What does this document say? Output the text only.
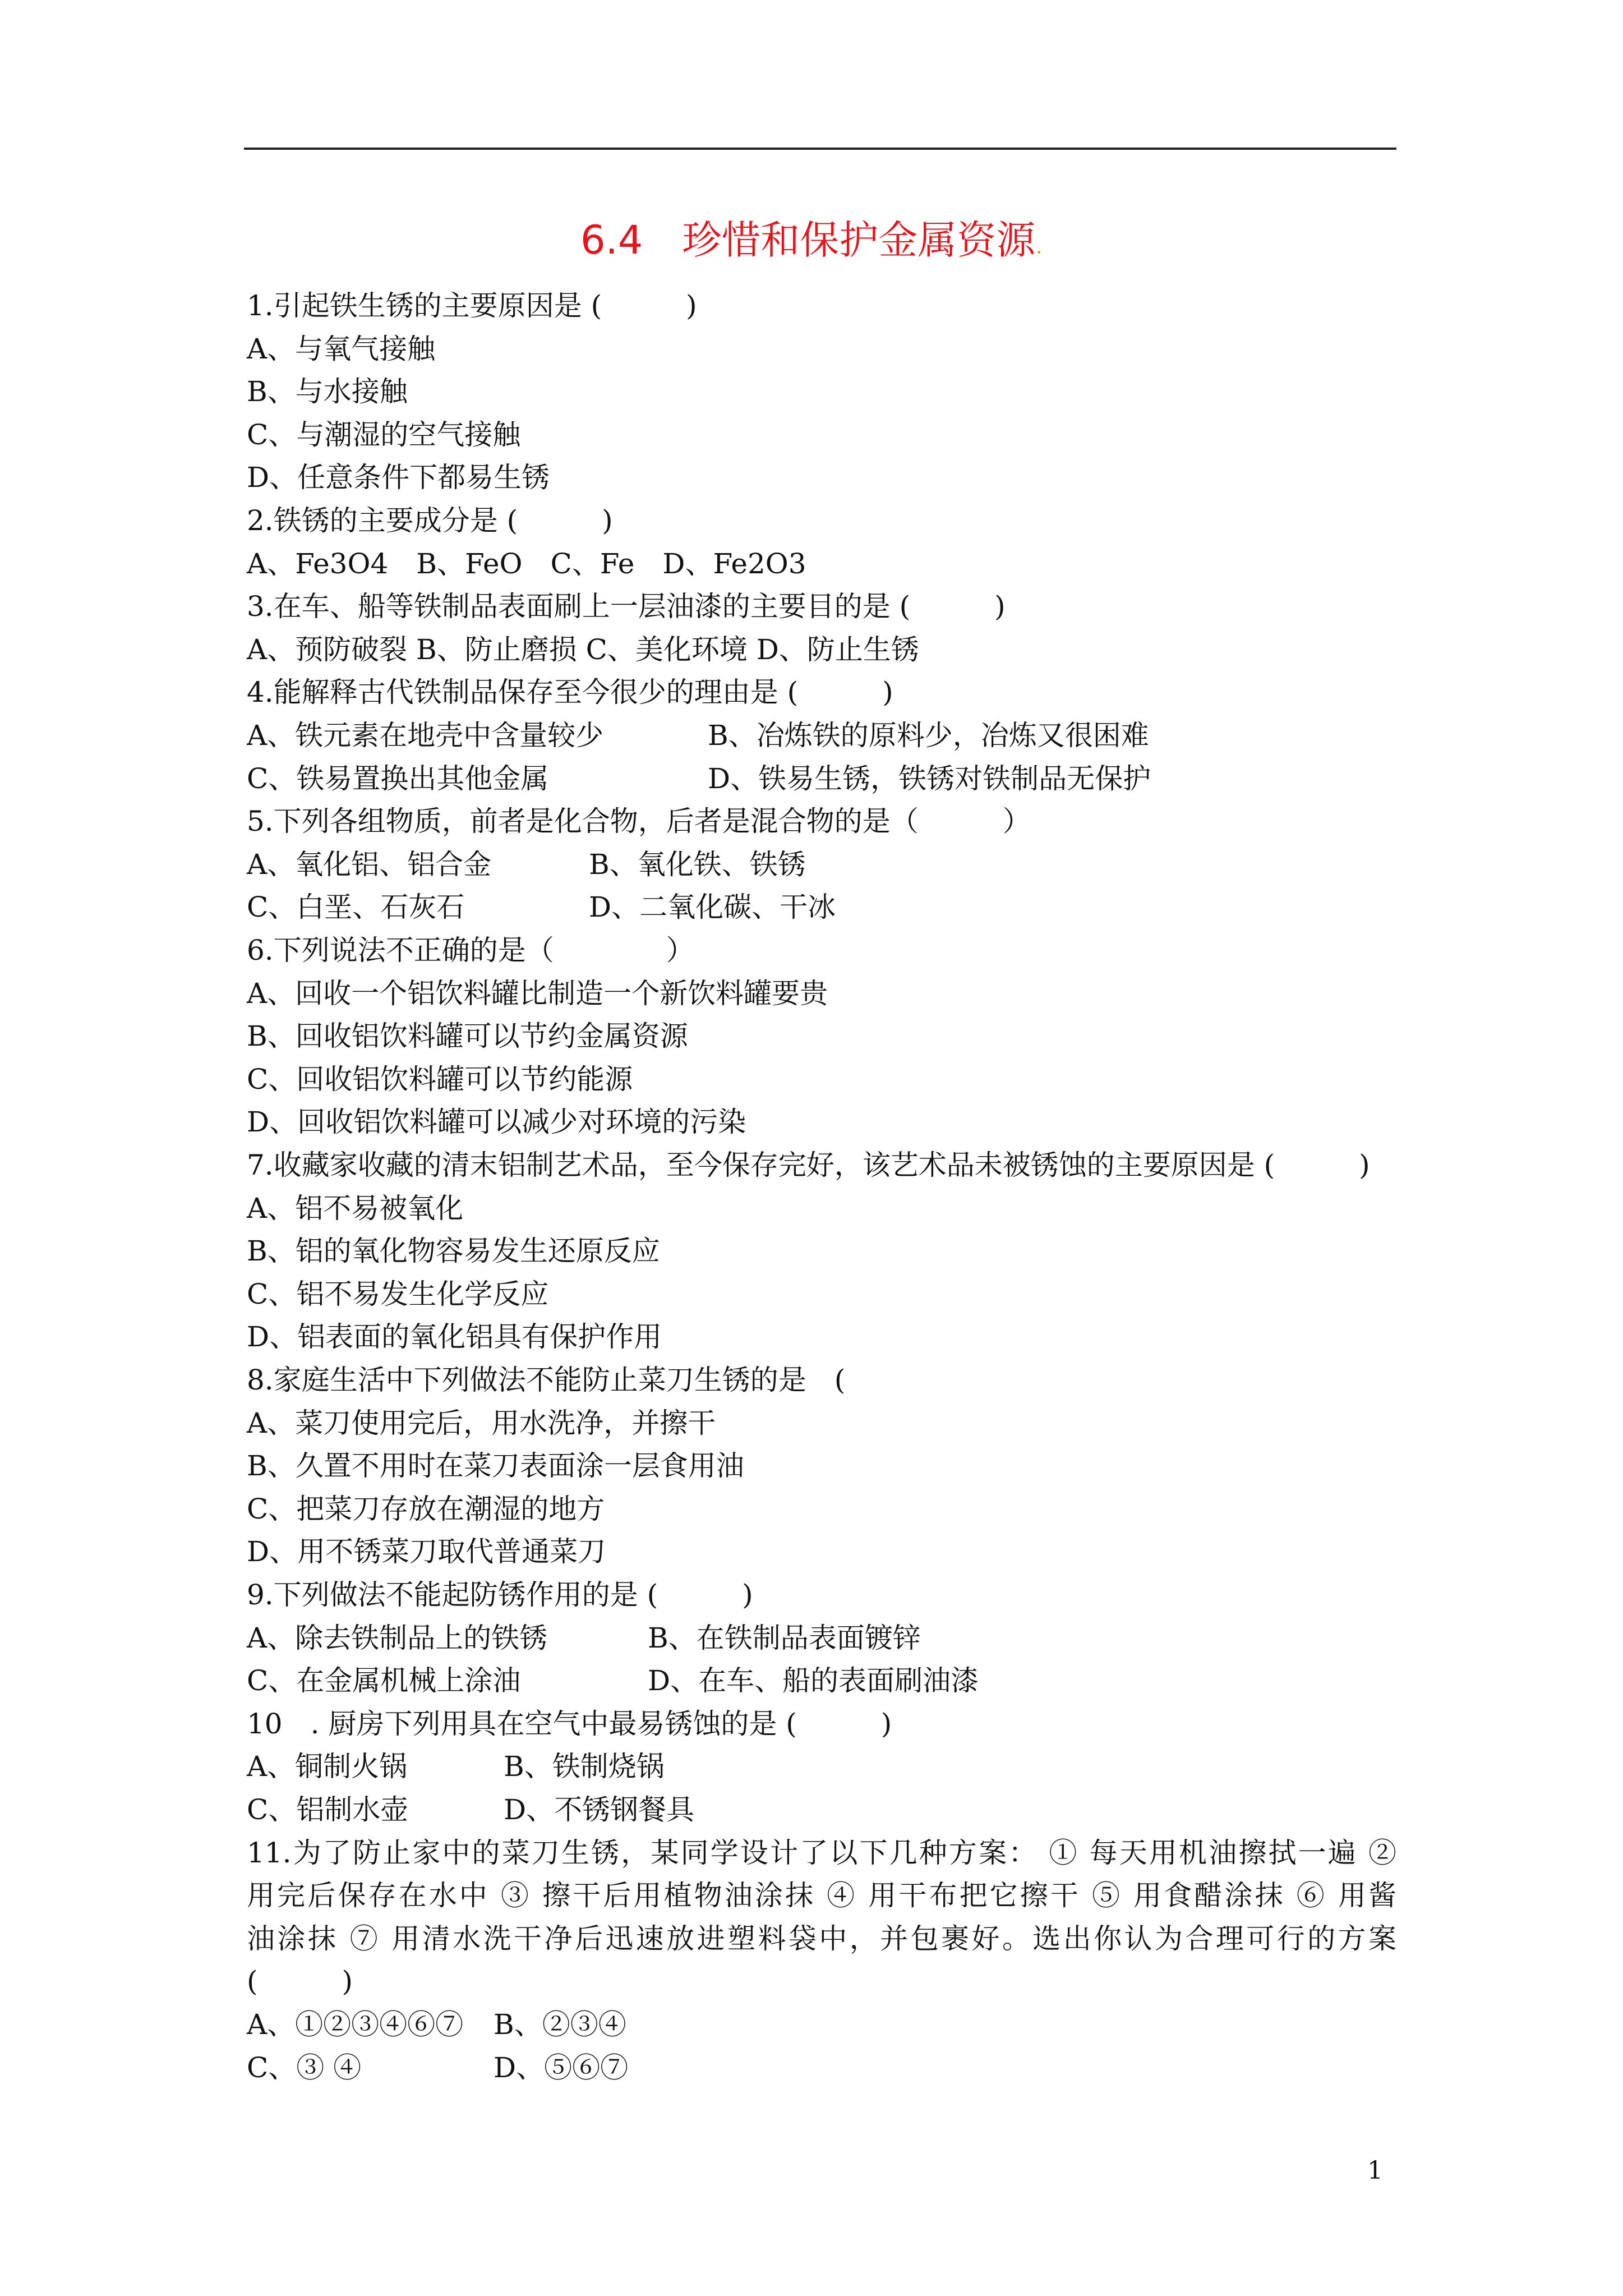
6.4　珍惜和保护金属资源.
1.引起铁生锈的主要原因是 (　　　)
A、与氧气接触
B、与水接触
C、与潮湿的空气接触
D、任意条件下都易生锈
2.铁锈的主要成分是 (　　　)
A、Fe3O4　B、FeO　C、Fe　D、Fe2O3
3.在车、船等铁制品表面刷上一层油漆的主要目的是 (　　　)
A、预防破裂 B、防止磨损 C、美化环境 D、防止生锈
4.能解释古代铁制品保存至今很少的理由是 (　　　)
B、冶炼铁的原料少，冶炼又很困难
A、铁元素在地壳中含量较少
D、铁易生锈，铁锈对铁制品无保护
C、铁易置换出其他金属
5.下列各组物质，前者是化合物，后者是混合物的是（　　　）
B、氧化铁、铁锈
A、氧化铝、铝合金
D、二氧化碳、干冰
C、白垩、石灰石
6.下列说法不正确的是（　　　　）
A、回收一个铝饮料罐比制造一个新饮料罐要贵
B、回收铝饮料罐可以节约金属资源
C、回收铝饮料罐可以节约能源
D、回收铝饮料罐可以减少对环境的污染
7.收藏家收藏的清末铝制艺术品，至今保存完好，该艺术品未被锈蚀的主要原因是 (　　　)
A、铝不易被氧化
B、铝的氧化物容易发生还原反应
C、铝不易发生化学反应
D、铝表面的氧化铝具有保护作用
8.家庭生活中下列做法不能防止菜刀生锈的是　(
A、菜刀使用完后，用水洗净，并擦干
B、久置不用时在菜刀表面涂一层食用油
C、把菜刀存放在潮湿的地方
D、用不锈菜刀取代普通菜刀
9.下列做法不能起防锈作用的是 (　　　)
B、在铁制品表面镀锌
A、除去铁制品上的铁锈
D、在车、船的表面刷油漆
C、在金属机械上涂油
10　. 厨房下列用具在空气中最易锈蚀的是 (　　　)
B、铁制烧锅
A、铜制火锅
D、不锈钢餐具
C、铝制水壶
11.为了防止家中的菜刀生锈，某同学设计了以下几种方案： ① 每天用机油擦拭一遍 ②
用完后保存在水中 ③ 擦干后用植物油涂抹 ④ 用干布把它擦干 ⑤ 用食醋涂抹 ⑥ 用酱
油涂抹 ⑦ 用清水洗干净后迅速放进塑料袋中，并包裹好。选出你认为合理可行的方案
(　　　)
B、②③④
A、①②③④⑥⑦
D、⑤⑥⑦
C、③ ④
1
